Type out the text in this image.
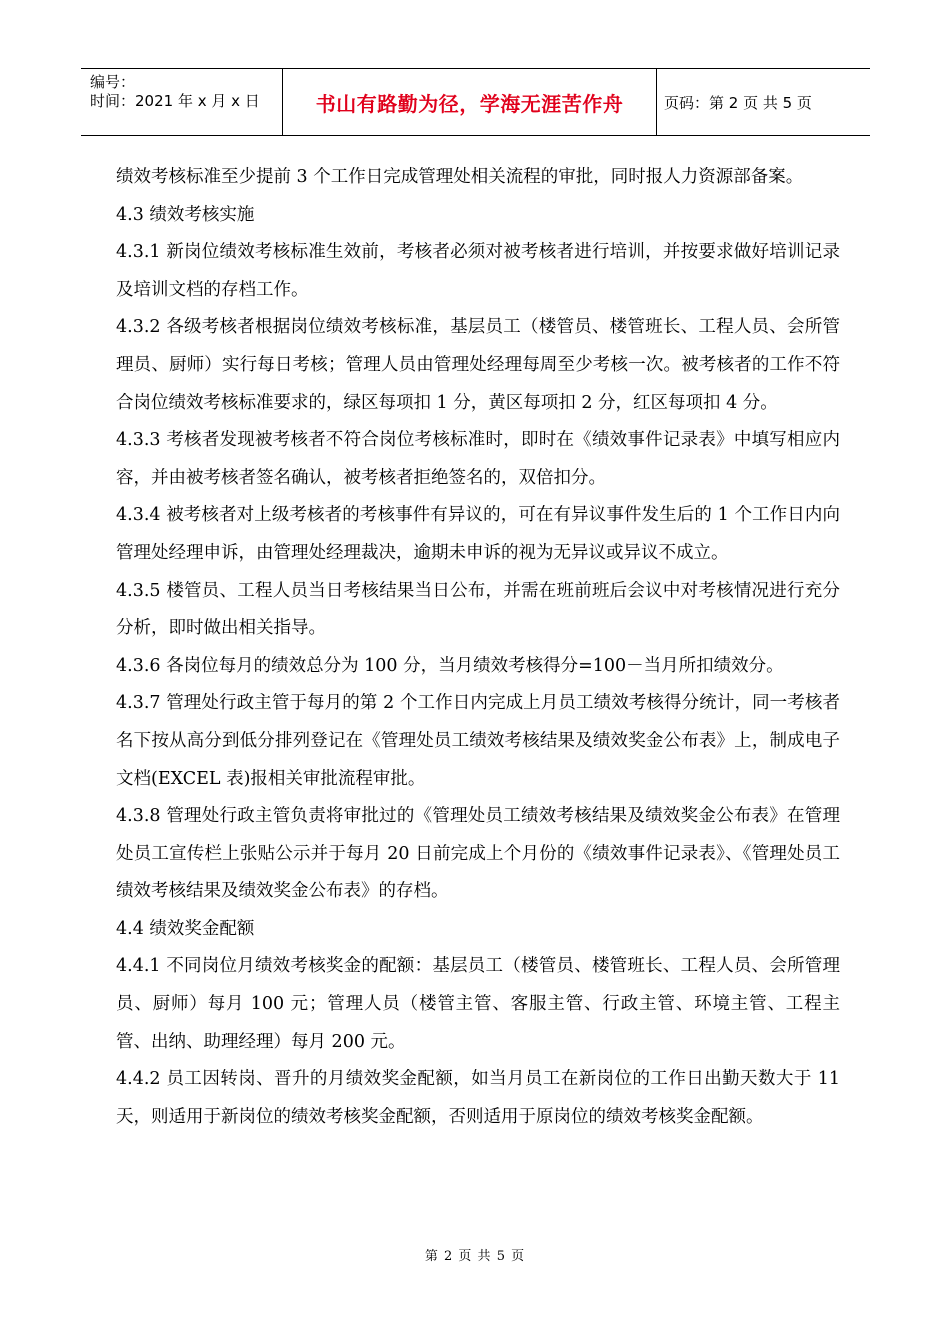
编号：
时间：2021 年 x 月 x 日	书山有路勤为径，学海无涯苦作舟	页码：第 2 页 共 5 页

绩效考核标准至少提前 3 个工作日完成管理处相关流程的审批，同时报人力资源部备案。

4.3 绩效考核实施

4.3.1 新岗位绩效考核标准生效前，考核者必须对被考核者进行培训，并按要求做好培训记录及培训文档的存档工作。

4.3.2 各级考核者根据岗位绩效考核标准，基层员工（楼管员、楼管班长、工程人员、会所管理员、厨师）实行每日考核；管理人员由管理处经理每周至少考核一次。被考核者的工作不符合岗位绩效考核标准要求的，绿区每项扣 1 分，黄区每项扣 2 分，红区每项扣 4 分。

4.3.3 考核者发现被考核者不符合岗位考核标准时，即时在《绩效事件记录表》中填写相应内容，并由被考核者签名确认，被考核者拒绝签名的，双倍扣分。

4.3.4 被考核者对上级考核者的考核事件有异议的，可在有异议事件发生后的 1 个工作日内向管理处经理申诉，由管理处经理裁决，逾期未申诉的视为无异议或异议不成立。

4.3.5 楼管员、工程人员当日考核结果当日公布，并需在班前班后会议中对考核情况进行充分分析，即时做出相关指导。

4.3.6 各岗位每月的绩效总分为 100 分，当月绩效考核得分=100－当月所扣绩效分。

4.3.7 管理处行政主管于每月的第 2 个工作日内完成上月员工绩效考核得分统计，同一考核者名下按从高分到低分排列登记在《管理处员工绩效考核结果及绩效奖金公布表》上，制成电子文档(EXCEL 表)报相关审批流程审批。

4.3.8 管理处行政主管负责将审批过的《管理处员工绩效考核结果及绩效奖金公布表》在管理处员工宣传栏上张贴公示并于每月 20 日前完成上个月份的《绩效事件记录表》、《管理处员工绩效考核结果及绩效奖金公布表》的存档。

4.4 绩效奖金配额

4.4.1 不同岗位月绩效考核奖金的配额：基层员工（楼管员、楼管班长、工程人员、会所管理员、厨师）每月 100 元；管理人员（楼管主管、客服主管、行政主管、环境主管、工程主管、出纳、助理经理）每月 200 元。

4.4.2 员工因转岗、晋升的月绩效奖金配额，如当月员工在新岗位的工作日出勤天数大于 11 天，则适用于新岗位的绩效考核奖金配额，否则适用于原岗位的绩效考核奖金配额。

第 2 页 共 5 页
